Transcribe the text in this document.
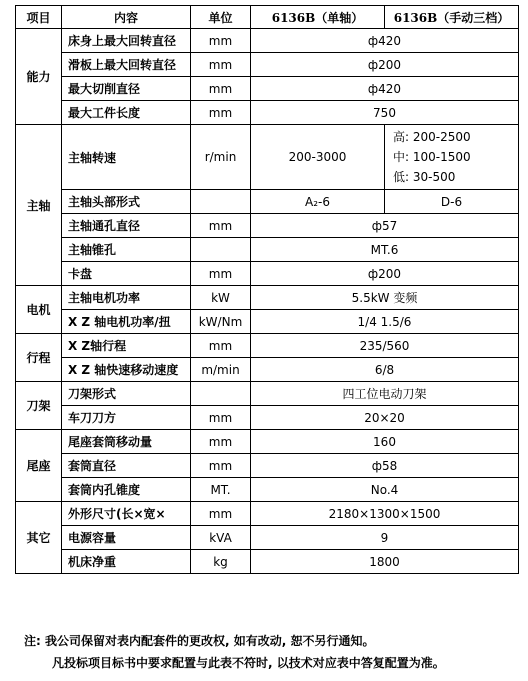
项目	内容	单位	6136B（单轴）	6136B（手动三档）
能力	床身上最大回转直径	mm	ф420	
	滑板上最大回转直径	mm	ф200	
	最大切削直径	mm	ф420	
	最大工件长度	mm	750	
主轴	主轴转速	r/min	200-3000	高: 200-2500
中: 100-1500
低: 30-500

	主轴头部形式		A₂-6	D-6
	主轴通孔直径	mm	ф57	
	主轴锥孔		MT.6	
	卡盘	mm	ф200	
电机	主轴电机功率	kW	5.5kW 变频	
	X Z 轴电机功率/扭	kW/Nm	1/4 1.5/6	
行程	X Z轴行程	mm	235/560	
	X Z 轴快速移动速度	m/min	6/8	
刀架	刀架形式		四工位电动刀架	
	车刀刀方	mm	20×20	
尾座	尾座套筒移动量	mm	160	
	套筒直径	mm	ф58	
	套筒内孔锥度	MT.	No.4	
其它	外形尺寸(长×宽×	mm	2180×1300×1500	
	电源容量	kVA	9	
	机床净重	kg	1800	
注: 我公司保留对表内配套件的更改权, 如有改动, 恕不另行通知。
凡投标项目标书中要求配置与此表不符时, 以技术对应表中答复配置为准。
